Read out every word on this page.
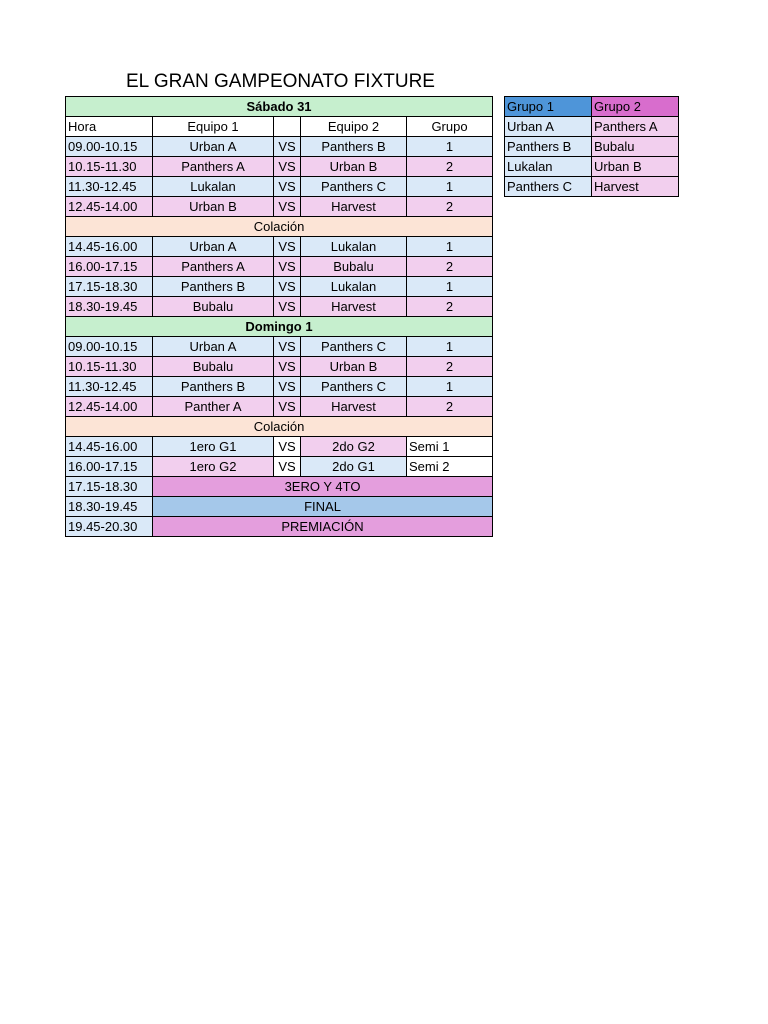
EL GRAN GAMPEONATO FIXTURE
Sábado 31				
Hora	Equipo 1		Equipo 2	Grupo
09.00-10.15	Urban A	VS	Panthers B	1
10.15-11.30	Panthers A	VS	Urban B	2
11.30-12.45	Lukalan	VS	Panthers C	1
12.45-14.00	Urban B	VS	Harvest	2
Colación				
14.45-16.00	Urban A	VS	Lukalan	1
16.00-17.15	Panthers A	VS	Bubalu	2
17.15-18.30	Panthers B	VS	Lukalan	1
18.30-19.45	Bubalu	VS	Harvest	2
Domingo 1				
09.00-10.15	Urban A	VS	Panthers C	1
10.15-11.30	Bubalu	VS	Urban B	2
11.30-12.45	Panthers B	VS	Panthers C	1
12.45-14.00	Panther A	VS	Harvest	2
Colación				
14.45-16.00	1ero G1	VS	2do G2	Semi 1
16.00-17.15	1ero G2	VS	2do G1	Semi 2
17.15-18.30	3ERO Y 4TO			
18.30-19.45	FINAL			
19.45-20.30	PREMIACIÓN			
Grupo 1	Grupo 2
Urban A	Panthers A
Panthers B	Bubalu
Lukalan	Urban B
Panthers C	Harvest
